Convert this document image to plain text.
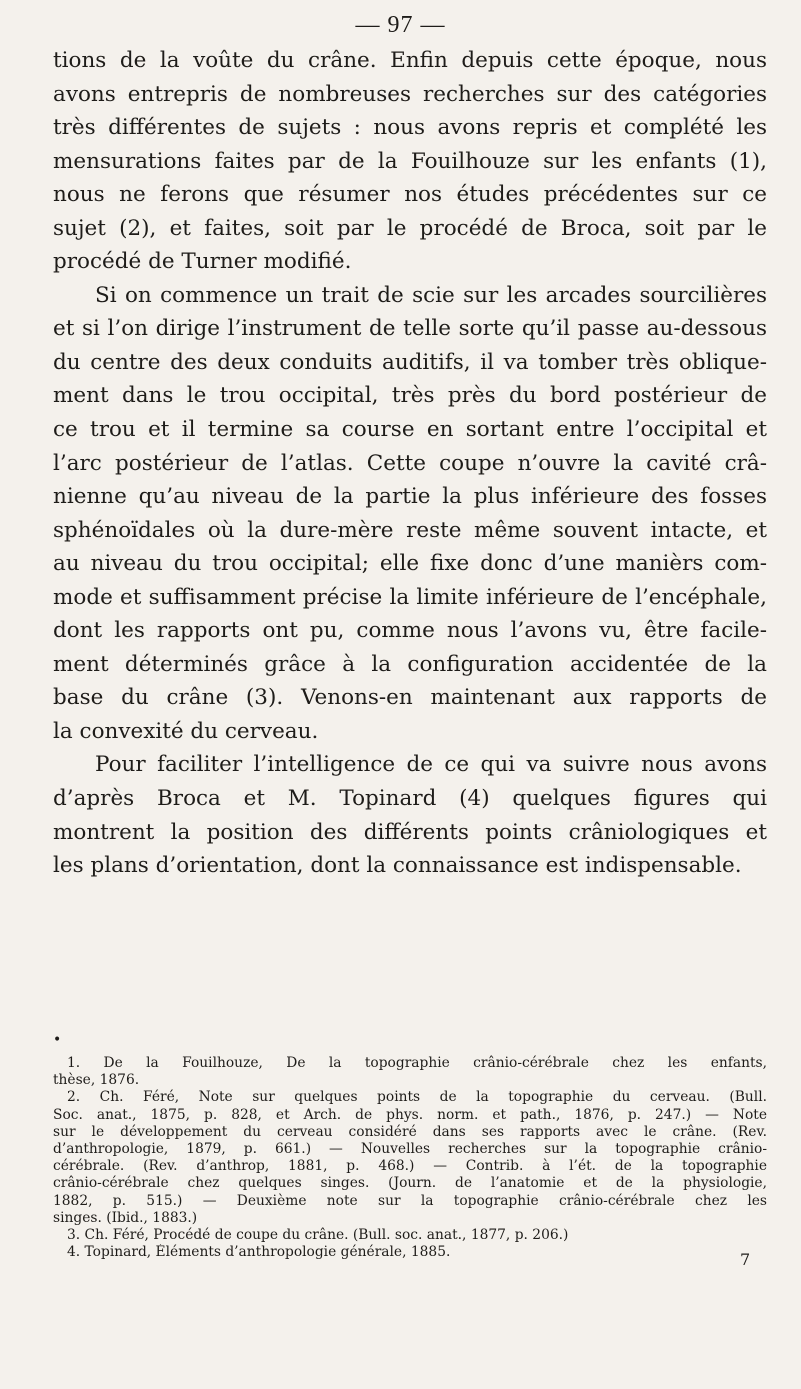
— 97 —
tions de la voûte du crâne. Enfin depuis cette époque, nous
avons entrepris de nombreuses recherches sur des catégories
très différentes de sujets : nous avons repris et complété les
mensurations faites par de la Fouilhouze sur les enfants (1),
nous ne ferons que résumer nos études précédentes sur ce
sujet (2), et faites, soit par le procédé de Broca, soit par le
procédé de Turner modifié.
Si on commence un trait de scie sur les arcades sourcilières
et si l’on dirige l’instrument de telle sorte qu’il passe au-dessous
du centre des deux conduits auditifs, il va tomber très oblique-
ment dans le trou occipital, très près du bord postérieur de
ce trou et il termine sa course en sortant entre l’occipital et
l’arc postérieur de l’atlas. Cette coupe n’ouvre la cavité crâ-
nienne qu’au niveau de la partie la plus inférieure des fosses
sphénoïdales où la dure-mère reste même souvent intacte, et
au niveau du trou occipital; elle fixe donc d’une manièrs com-
mode et suffisamment précise la limite inférieure de l’encéphale,
dont les rapports ont pu, comme nous l’avons vu, être facile-
ment déterminés grâce à la configuration accidentée de la
base du crâne (3). Venons-en maintenant aux rapports de
la convexité du cerveau.
Pour faciliter l’intelligence de ce qui va suivre nous avons
d’après Broca et M. Topinard (4) quelques figures qui
montrent la position des différents points crâniologiques et
les plans d’orientation, dont la connaissance est indispensable.
•
1. De la Fouilhouze, De la topographie crânio-cérébrale chez les enfants,
thèse, 1876.
2. Ch. Féré, Note sur quelques points de la topographie du cerveau. (Bull.
Soc. anat., 1875, p. 828, et Arch. de phys. norm. et path., 1876, p. 247.) — Note
sur le développement du cerveau considéré dans ses rapports avec le crâne. (Rev.
d’anthropologie, 1879, p. 661.) — Nouvelles recherches sur la topographie crânio-
cérébrale. (Rev. d’anthrop, 1881, p. 468.) — Contrib. à l’ét. de la topographie
crânio-cérébrale chez quelques singes. (Journ. de l’anatomie et de la physiologie,
1882, p. 515.) — Deuxième note sur la topographie crânio-cérébrale chez les
singes. (Ibid., 1883.)
3. Ch. Féré, Procédé de coupe du crâne. (Bull. soc. anat., 1877, p. 206.)
4. Topinard, Éléments d’anthropologie générale, 1885.	7
